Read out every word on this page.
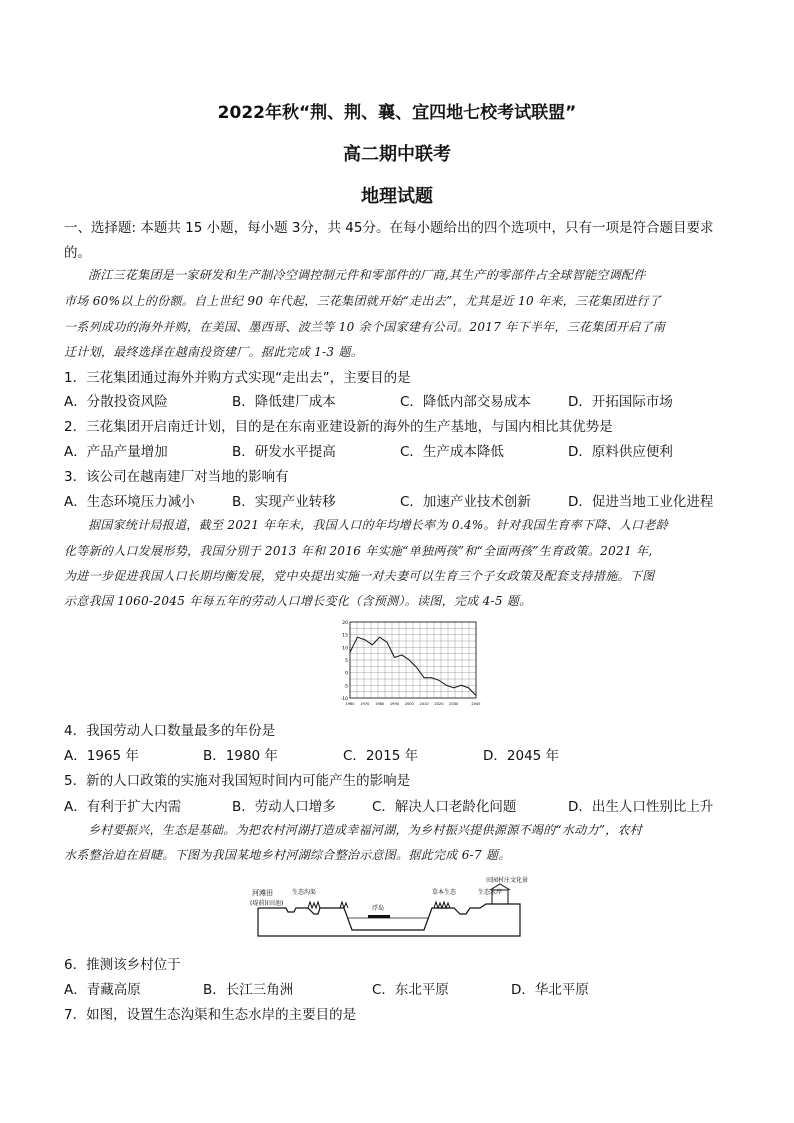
2022年秋“荆、荆、襄、宜四地七校考试联盟”
高二期中联考
地理试题
一、选择题: 本题共 15 小题，每小题 3分，共 45分。在每小题给出的四个选项中，只有一项是符合题目要求
的。
浙江三花集团是一家研发和生产制冷空调控制元件和零部件的厂商,其生产的零部件占全球智能空调配件
市场 60%以上的份额。自上世纪 90 年代起，三花集团就开始“走出去”，尤其是近 10 年来，三花集团进行了
一系列成功的海外并购，在美国、墨西哥、波兰等 10 余个国家建有公司。2017 年下半年，三花集团开启了南
迁计划，最终选择在越南投资建厂。据此完成 1-3 题。
1．三花集团通过海外并购方式实现“走出去”，主要目的是
A．分散投资风险	B．降低建厂成本	C．降低内部交易成本	D．开拓国际市场
2．三花集团开启南迁计划，目的是在东南亚建设新的海外的生产基地，与国内相比其优势是
A．产品产量增加	B．研发水平提高	C．生产成本降低	D．原料供应便利
3．该公司在越南建厂对当地的影响有
A．生态环境压力减小	B．实现产业转移	C．加速产业技术创新	D．促进当地工业化进程
据国家统计局报道，截至 2021 年年末，我国人口的年均增长率为 0.4%。针对我国生育率下降、人口老龄
化等新的人口发展形势，我国分别于 2013 年和 2016 年实施“单独两孩”和“全面两孩”生育政策。2021 年,
为进一步促进我国人口长期均衡发展，党中央提出实施一对夫妻可以生育三个子女政策及配套支持措施。下图
示意我国 1060-2045 年每五年的劳动人口增长变化（含预测）。读图，完成 4-5 题。
20
15
10
5
0
-5
-10
1960 1970 1980 1990 2000 2010 2020 2030	2045
4．我国劳动人口数量最多的年份是
A．1965 年	B．1980 年	C．2015 年	D．2045 年
5．新的人口政策的实施对我国短时间内可能产生的影响是
A．有利于扩大内需	B．劳动人口增多	C．解决人口老龄化问题	D．出生人口性别比上升
乡村要振兴，生态是基础。为把农村河湖打造成幸福河湖，为乡村振兴提供源源不竭的“水动力”，农村
水系整治迫在眉睫。下图为我国某地乡村河湖综合整治示意图。据此完成 6-7 题。
河滩田
(堤前)(田池)
生态沟渠
浮岛
草本生态	生态水岸
田园村庄文化景
6．推测该乡村位于
A．青藏高原	B．长江三角洲	C．东北平原	D．华北平原
7．如图，设置生态沟渠和生态水岸的主要目的是
